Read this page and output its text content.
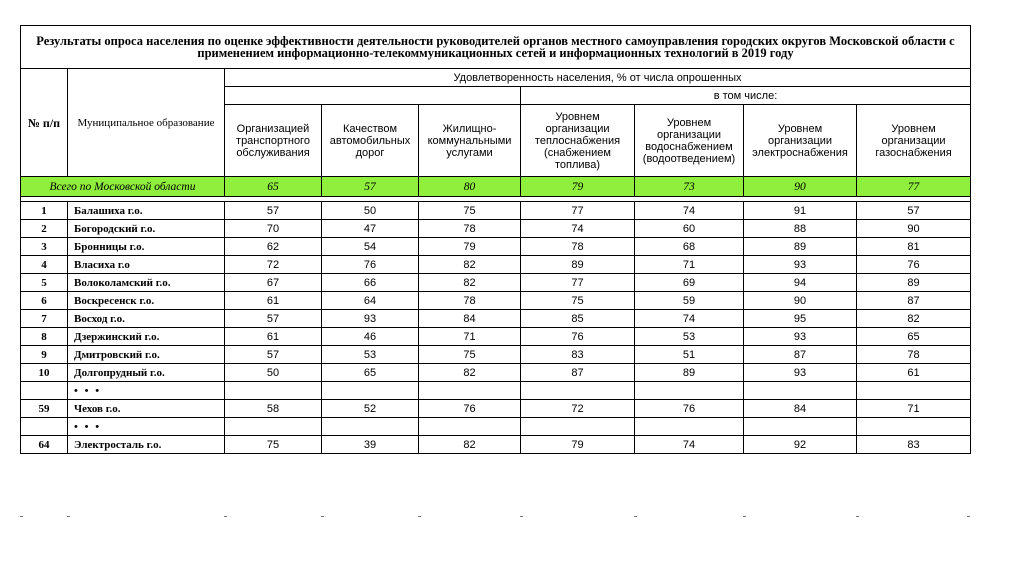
Результаты опроса населения по оценке эффективности деятельности руководителей органов местного самоуправления городских округов Московской области с применением информационно-телекоммуникационных сетей и информационных технологий в 2019 году								
№ п/п	Муниципальное образование	Удовлетворенность населения, % от числа опрошенных						
					в том числе:			
		Организацией транспортного обслуживания	Качеством автомобильных дорог	Жилищно-коммунальными услугами	Уровнем организации теплоснабжения (снабжением топлива)	Уровнем организации водоснабжением (водоотведением)	Уровнем организации электроснабжения	Уровнем организации газоснабжения
Всего по Московской области		65	57	80	79	73	90	77

1	Балашиха г.о.	57	50	75	77	74	91	57
2	Богородский г.о.	70	47	78	74	60	88	90
3	Бронницы г.о.	62	54	79	78	68	89	81
4	Власиха г.о	72	76	82	89	71	93	76
5	Волоколамский г.о.	67	66	82	77	69	94	89
6	Воскресенск г.о.	61	64	78	75	59	90	87
7	Восход г.о.	57	93	84	85	74	95	82
8	Дзержинский г.о.	61	46	71	76	53	93	65
9	Дмитровский г.о.	57	53	75	83	51	87	78
10	Долгопрудный г.о.	50	65	82	87	89	93	61
	• • •							
59	Чехов г.о.	58	52	76	72	76	84	71
	• • •							
64	Электросталь г.о.	75	39	82	79	74	92	83
